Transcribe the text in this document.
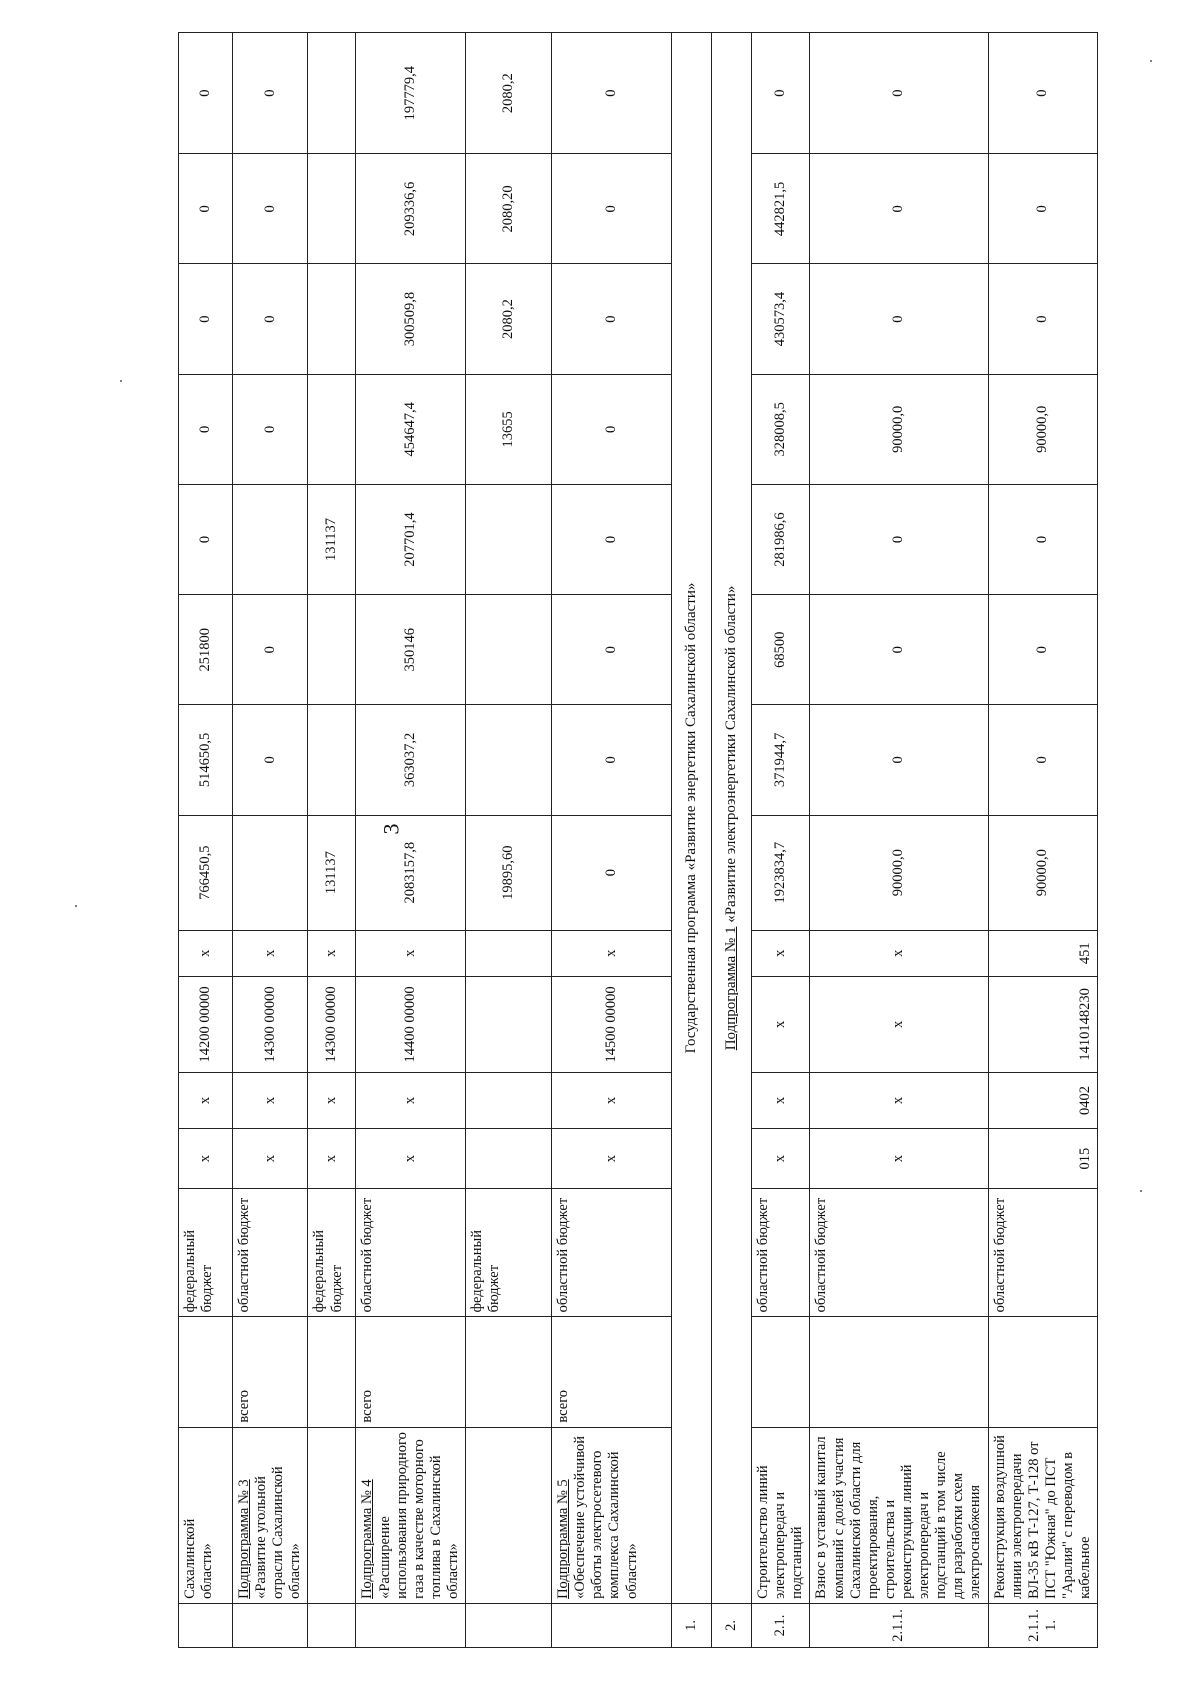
3
	Сахалинской
области»		федеральный бюджет	x	x	14200 00000	x	766450,5	514650,5	251800	0	0	0	0	0
	Подпрограмма № 3 «Развитие угольной отрасли Сахалинской области»	всего	областной бюджет	x	x	14300 00000	x		0	0		0	0	0	0
			федеральный бюджет	x	x	14300 00000	x	131137			131137				
	Подпрограмма № 4 «Расширение использования природного газа в качестве моторного топлива в Сахалинской области»	всего	областной бюджет	x	x	14400 00000	x	2083157,8	363037,2	350146	207701,4	454647,4	300509,8	209336,6	197779,4
			федеральный бюджет					19895,60				13655	2080,2	2080,20	2080,2
	Подпрограмма № 5 «Обеспечение устойчивой работы электросетевого комплекса Сахалинской области»	всего	областной бюджет	x	x	14500 00000	x	0	0	0	0	0	0	0	0
1.	Государственная программа «Развитие энергетики Сахалинской области»														
2.	Подпрограмма № 1 «Развитие электроэнергетики Сахалинской области»														
2.1.	Строительство линий электропередач и подстанций		областной бюджет	x	x	x	x	1923834,7	371944,7	68500	281986,6	328008,5	430573,4	442821,5	0
2.1.1.	Взнос в уставный капитал компаний с долей участия Сахалинской области для проектирования, строительства и реконструкции линий электропередач и подстанций в том числе для разработки схем электроснабжения		областной бюджет	x	x	x	x	90000,0	0	0	0	90000,0	0	0	0
2.1.1.1.	Реконструкция воздушной линии электропередачи ВЛ-35 кВ Т-127, Т-128 от ПСТ "Южная" до ПСТ "Аралия" с переводом в кабельное		областной бюджет	015	0402	1410148230	451	90000,0	0	0	0	90000,0	0	0	0
